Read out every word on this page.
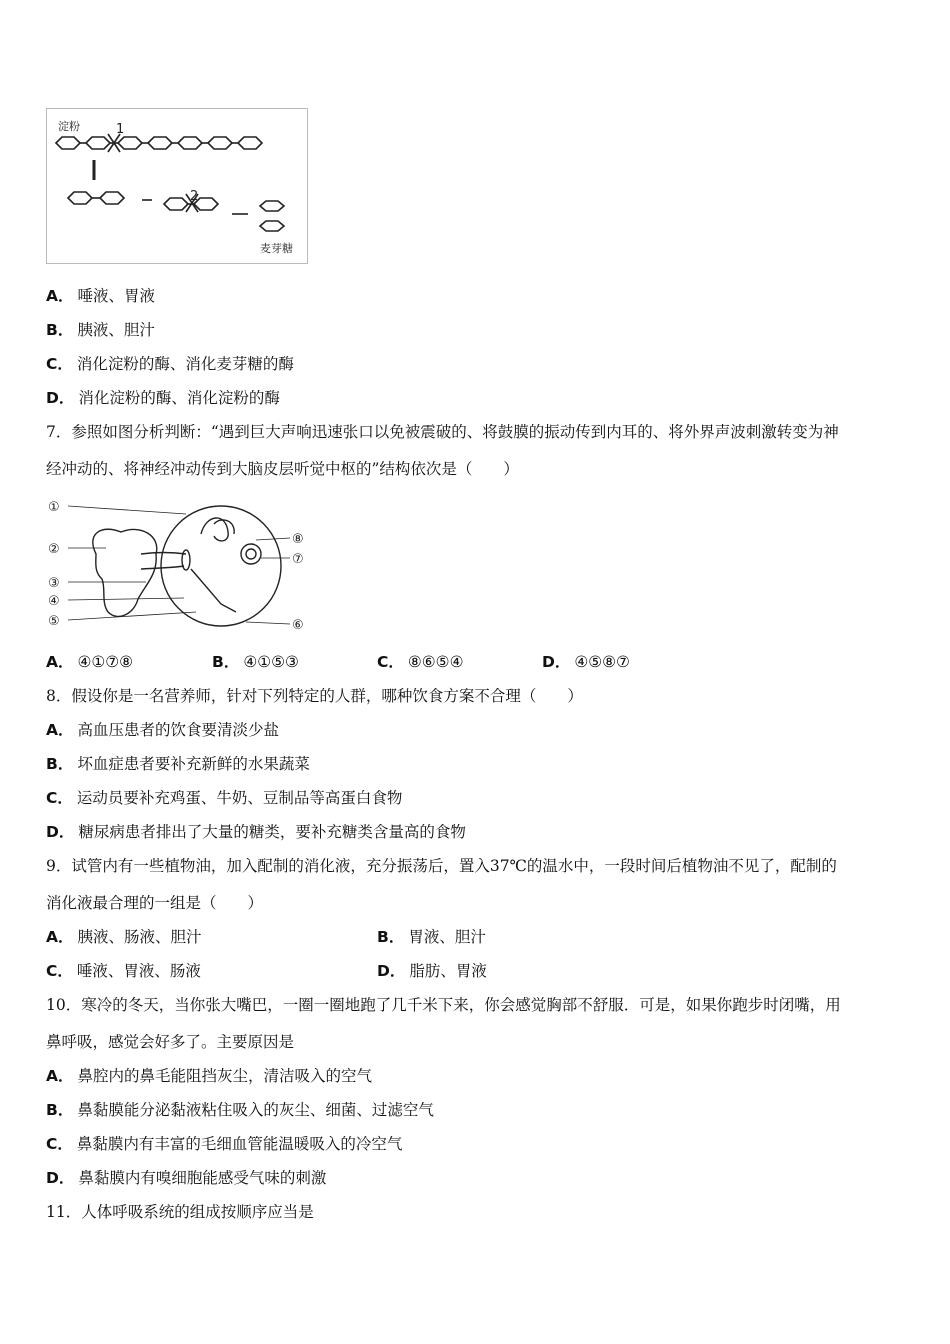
淀粉	1
2
麦芽糖
A． 唾液、胃液
B． 胰液、胆汁
C． 消化淀粉的酶、消化麦芽糖的酶
D． 消化淀粉的酶、消化淀粉的酶
7．参照如图分析判断：“遇到巨大声响迅速张口以免被震破的、将鼓膜的振动传到内耳的、将外界声波刺激转变为神
经冲动的、将神经冲动传到大脑皮层听觉中枢的”结构依次是（　　）
①
②
③
④
⑤	⑥
⑦
⑧
A． ④①⑦⑧	B． ④①⑤③	C． ⑧⑥⑤④	D． ④⑤⑧⑦
8．假设你是一名营养师，针对下列特定的人群，哪种饮食方案不合理（　　）
A． 高血压患者的饮食要清淡少盐
B． 坏血症患者要补充新鲜的水果蔬菜
C． 运动员要补充鸡蛋、牛奶、豆制品等高蛋白食物
D． 糖尿病患者排出了大量的糖类，要补充糖类含量高的食物
9．试管内有一些植物油，加入配制的消化液，充分振荡后，置入37℃的温水中，一段时间后植物油不见了，配制的
消化液最合理的一组是（　　）
A． 胰液、肠液、胆汁	B． 胃液、胆汁
C． 唾液、胃液、肠液	D． 脂肪、胃液
10．寒冷的冬天，当你张大嘴巴，一圈一圈地跑了几千米下来，你会感觉胸部不舒服．可是，如果你跑步时闭嘴，用
鼻呼吸，感觉会好多了。主要原因是
A． 鼻腔内的鼻毛能阻挡灰尘，清洁吸入的空气
B． 鼻黏膜能分泌黏液粘住吸入的灰尘、细菌、过滤空气
C． 鼻黏膜内有丰富的毛细血管能温暖吸入的冷空气
D． 鼻黏膜内有嗅细胞能感受气味的刺激
11．人体呼吸系统的组成按顺序应当是
